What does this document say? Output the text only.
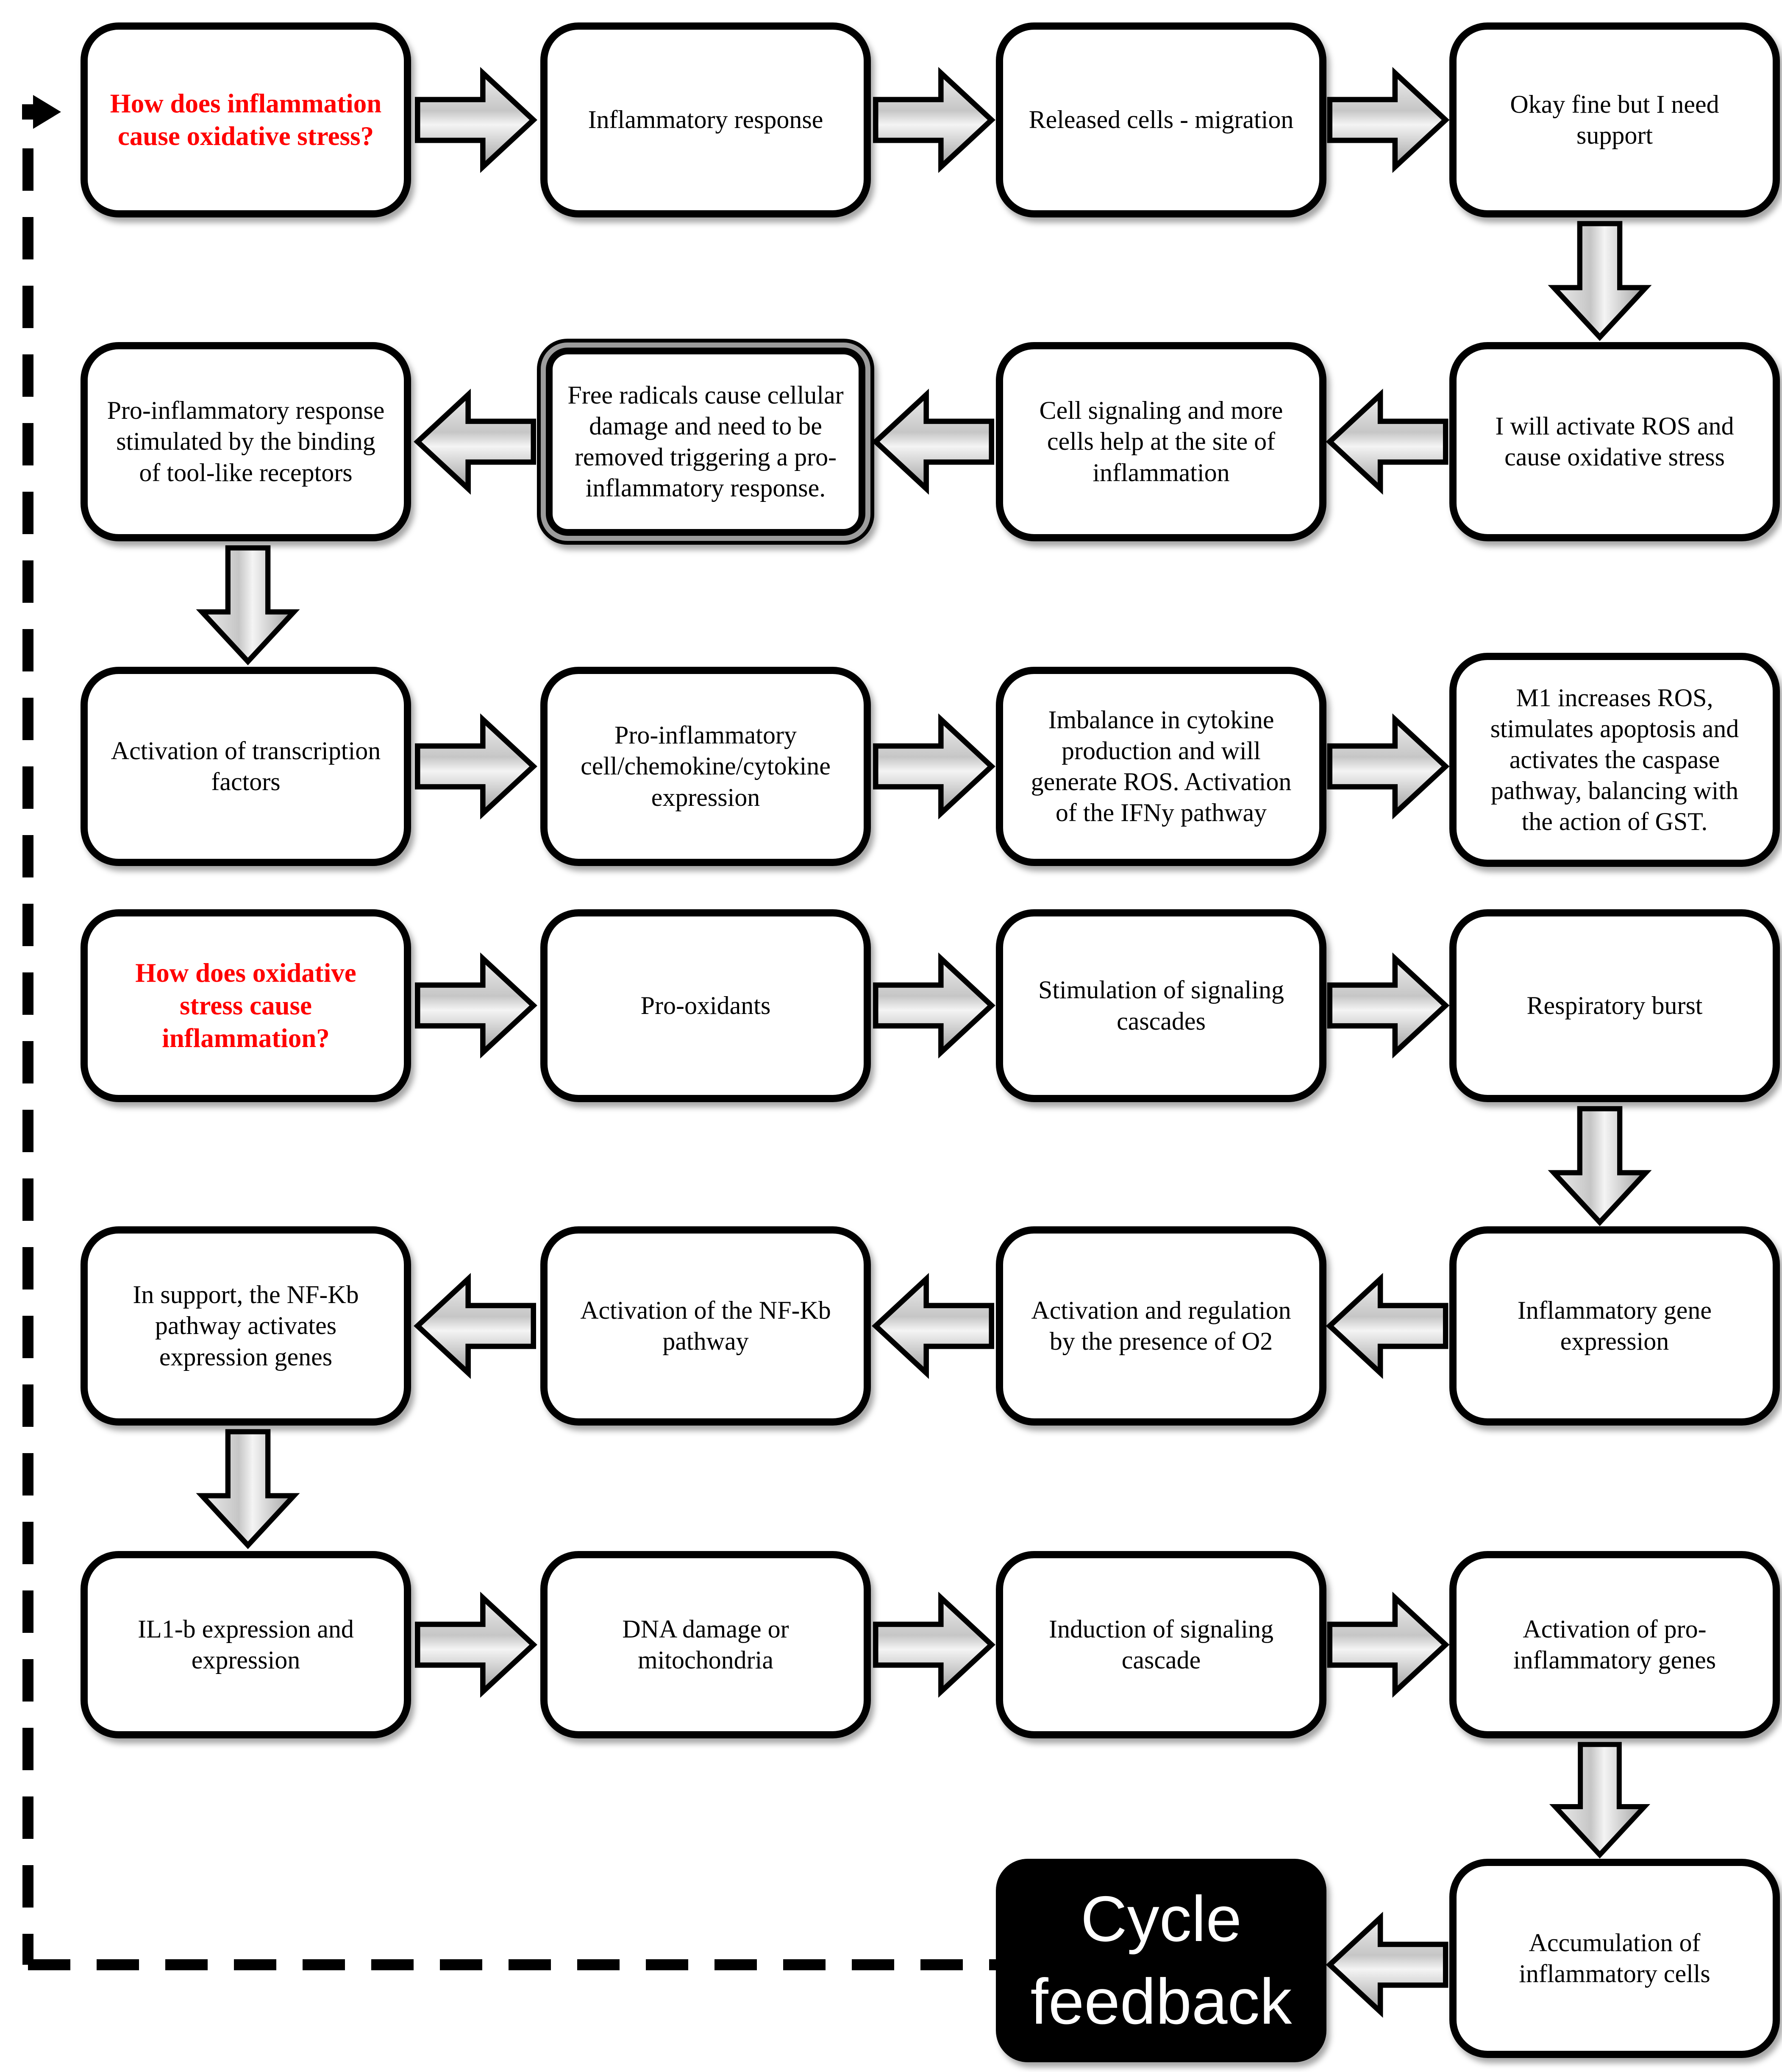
How does inflammation cause oxidative stress?
Inflammatory response	Released cells - migration
Okay fine but I need support
Pro-inflammatory response stimulated by the binding of tool-like receptors
Free radicals cause cellular damage and need to be removed triggering a pro-inflammatory response.
Cell signaling and more cells help at the site of inflammation
I will activate ROS and cause oxidative stress
Activation of transcription factors
Pro-inflammatory cell/chemokine/cytokine expression
Imbalance in cytokine production and will generate ROS. Activation of the IFNy pathway
M1 increases ROS, stimulates apoptosis and activates the caspase pathway, balancing with the action of GST.
How does oxidative stress cause inflammation?
Pro-oxidants
Stimulation of signaling cascades
Respiratory burst
In support, the NF-Kb pathway activates expression genes
Activation of the NF-Kb pathway
Activation and regulation by the presence of O2
Inflammatory gene expression
IL1-b expression and expression
DNA damage or mitochondria
Induction of signaling cascade
Activation of pro-inflammatory genes
Cycle feedback
Accumulation of inflammatory cells
